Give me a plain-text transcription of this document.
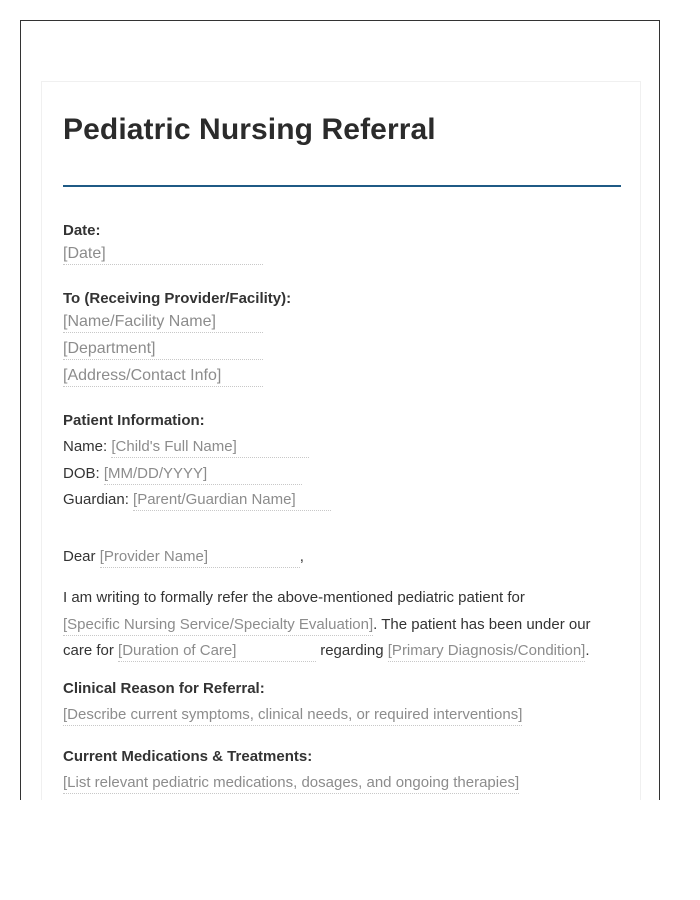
Pediatric Nursing Referral
Date:
[Date]
To (Receiving Provider/Facility):
[Name/Facility Name]
[Department]
[Address/Contact Info]
Patient Information:
Name: [Child's Full Name]
DOB: [MM/DD/YYYY]
Guardian: [Parent/Guardian Name]
Dear [Provider Name]	,
I am writing to formally refer the above-mentioned pediatric patient for
[Specific Nursing Service/Specialty Evaluation]. The patient has been under our
care for [Duration of Care]	regarding [Primary Diagnosis/Condition].
Clinical Reason for Referral:
[Describe current symptoms, clinical needs, or required interventions]
Current Medications & Treatments:
[List relevant pediatric medications, dosages, and ongoing therapies]
